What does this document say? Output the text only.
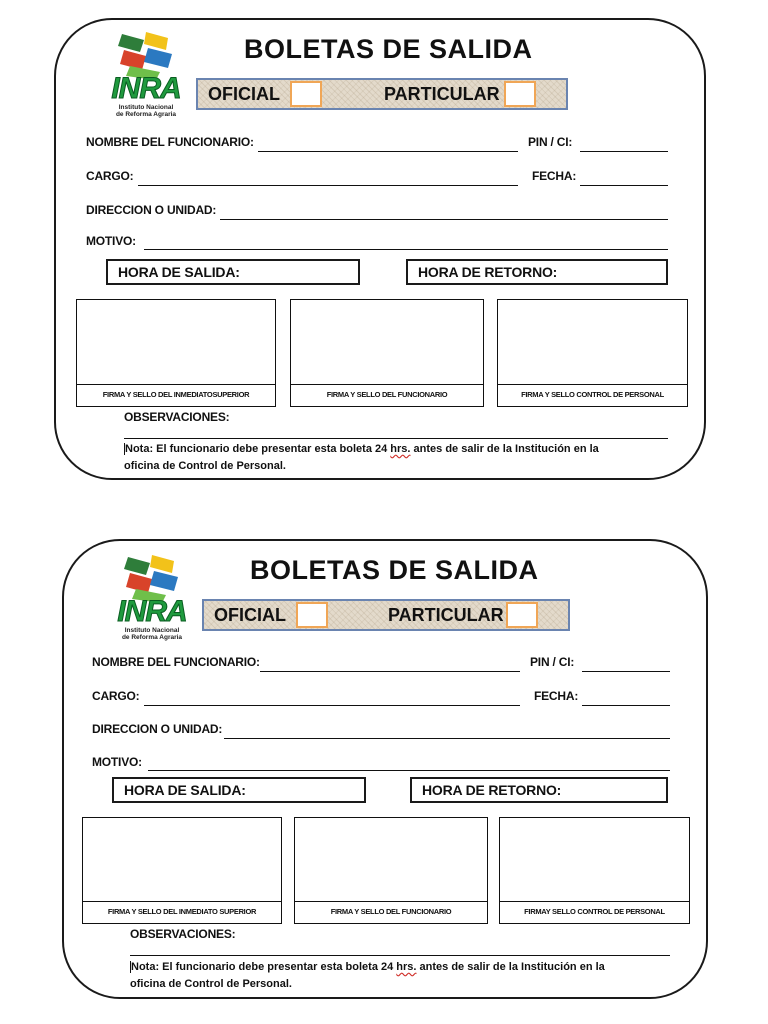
INRA
Instituto Nacional
de Reforma Agraria
BOLETAS DE SALIDA
OFICIAL	PARTICULAR
NOMBRE DEL FUNCIONARIO:	PIN / CI:
CARGO:	FECHA:
DIRECCION O UNIDAD:
MOTIVO:
HORA DE SALIDA:	HORA DE RETORNO:
FIRMA Y SELLO DEL INMEDIATOSUPERIOR	FIRMA Y SELLO DEL FUNCIONARIO	FIRMA Y SELLO CONTROL DE PERSONAL
OBSERVACIONES:
Nota: El funcionario debe presentar esta boleta 24 hrs. antes de salir de la Institución en la
oficina de Control de Personal.
INRA
Instituto Nacional
de Reforma Agraria
BOLETAS DE SALIDA
OFICIAL	PARTICULAR
NOMBRE DEL FUNCIONARIO:	PIN / CI:
CARGO:	FECHA:
DIRECCION O UNIDAD:
MOTIVO:
HORA DE SALIDA:	HORA DE RETORNO:
FIRMA Y SELLO DEL INMEDIATO SUPERIOR	FIRMA Y SELLO DEL FUNCIONARIO	FIRMAY SELLO CONTROL DE PERSONAL
OBSERVACIONES:
Nota: El funcionario debe presentar esta boleta 24 hrs. antes de salir de la Institución en la
oficina de Control de Personal.
